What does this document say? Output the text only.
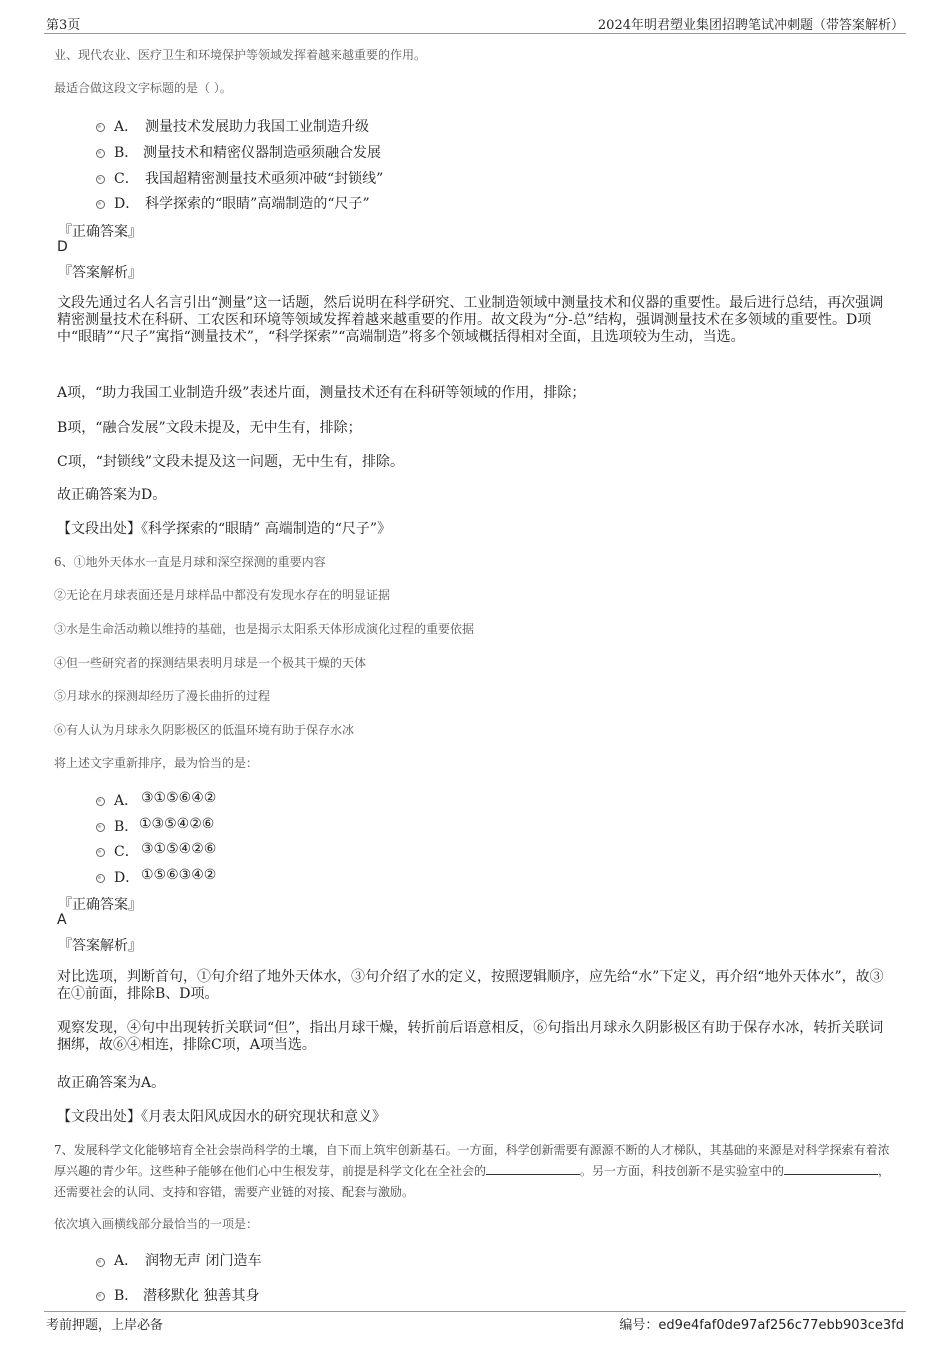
第3页	2024年明君塑业集团招聘笔试冲刺题（带答案解析）
业、现代农业、医疗卫生和环境保护等领域发挥着越来越重要的作用。
最适合做这段文字标题的是（ ）。
A． 测量技术发展助力我国工业制造升级
B． 测量技术和精密仪器制造亟须融合发展
C． 我国超精密测量技术亟须冲破“封锁线”
D． 科学探索的“眼睛”高端制造的“尺子”
『正确答案』
D
『答案解析』
文段先通过名人名言引出“测量”这一话题，然后说明在科学研究、工业制造领域中测量技术和仪器的重要性。最后进行总结，再次强调精密测量技术在科研、工农医和环境等领域发挥着越来越重要的作用。故文段为“分-总”结构，强调测量技术在多领域的重要性。D项中“眼睛”“尺子”寓指“测量技术”，“科学探索”“高端制造”将多个领域概括得相对全面，且选项较为生动，当选。
A项，“助力我国工业制造升级”表述片面，测量技术还有在科研等领域的作用，排除；
B项，“融合发展”文段未提及，无中生有，排除；
C项，“封锁线”文段未提及这一问题，无中生有，排除。
故正确答案为D。
【文段出处】《科学探索的“眼睛” 高端制造的“尺子”》
6、①地外天体水一直是月球和深空探测的重要内容
②无论在月球表面还是月球样品中都没有发现水存在的明显证据
③水是生命活动赖以维持的基础，也是揭示太阳系天体形成演化过程的重要依据
④但一些研究者的探测结果表明月球是一个极其干燥的天体
⑤月球水的探测却经历了漫长曲折的过程
⑥有人认为月球永久阴影极区的低温环境有助于保存水冰
将上述文字重新排序，最为恰当的是：
A． ③①⑤⑥④②
B． ①③⑤④②⑥
C． ③①⑤④②⑥
D． ①⑤⑥③④②
『正确答案』
A
『答案解析』
对比选项，判断首句，①句介绍了地外天体水，③句介绍了水的定义，按照逻辑顺序，应先给“水”下定义，再介绍“地外天体水”，故③在①前面，排除B、D项。
观察发现，④句中出现转折关联词“但”，指出月球干燥，转折前后语意相反，⑥句指出月球永久阴影极区有助于保存水冰，转折关联词捆绑，故⑥④相连，排除C项，A项当选。
故正确答案为A。
【文段出处】《月表太阳风成因水的研究现状和意义》
7、发展科学文化能够培育全社会崇尚科学的土壤，自下而上筑牢创新基石。一方面，科学创新需要有源源不断的人才梯队，其基础的来源是对科学探索有着浓厚兴趣的青少年。这些种子能够在他们心中生根发芽，前提是科学文化在全社会的	。另一方面，科技创新不是实验室中的	，还需要社会的认同、支持和容错，需要产业链的对接、配套与激励。
依次填入画横线部分最恰当的一项是：
A． 润物无声 闭门造车
B． 潜移默化 独善其身
考前押题，上岸必备	编号：ed9e4faf0de97af256c77ebb903ce3fd
